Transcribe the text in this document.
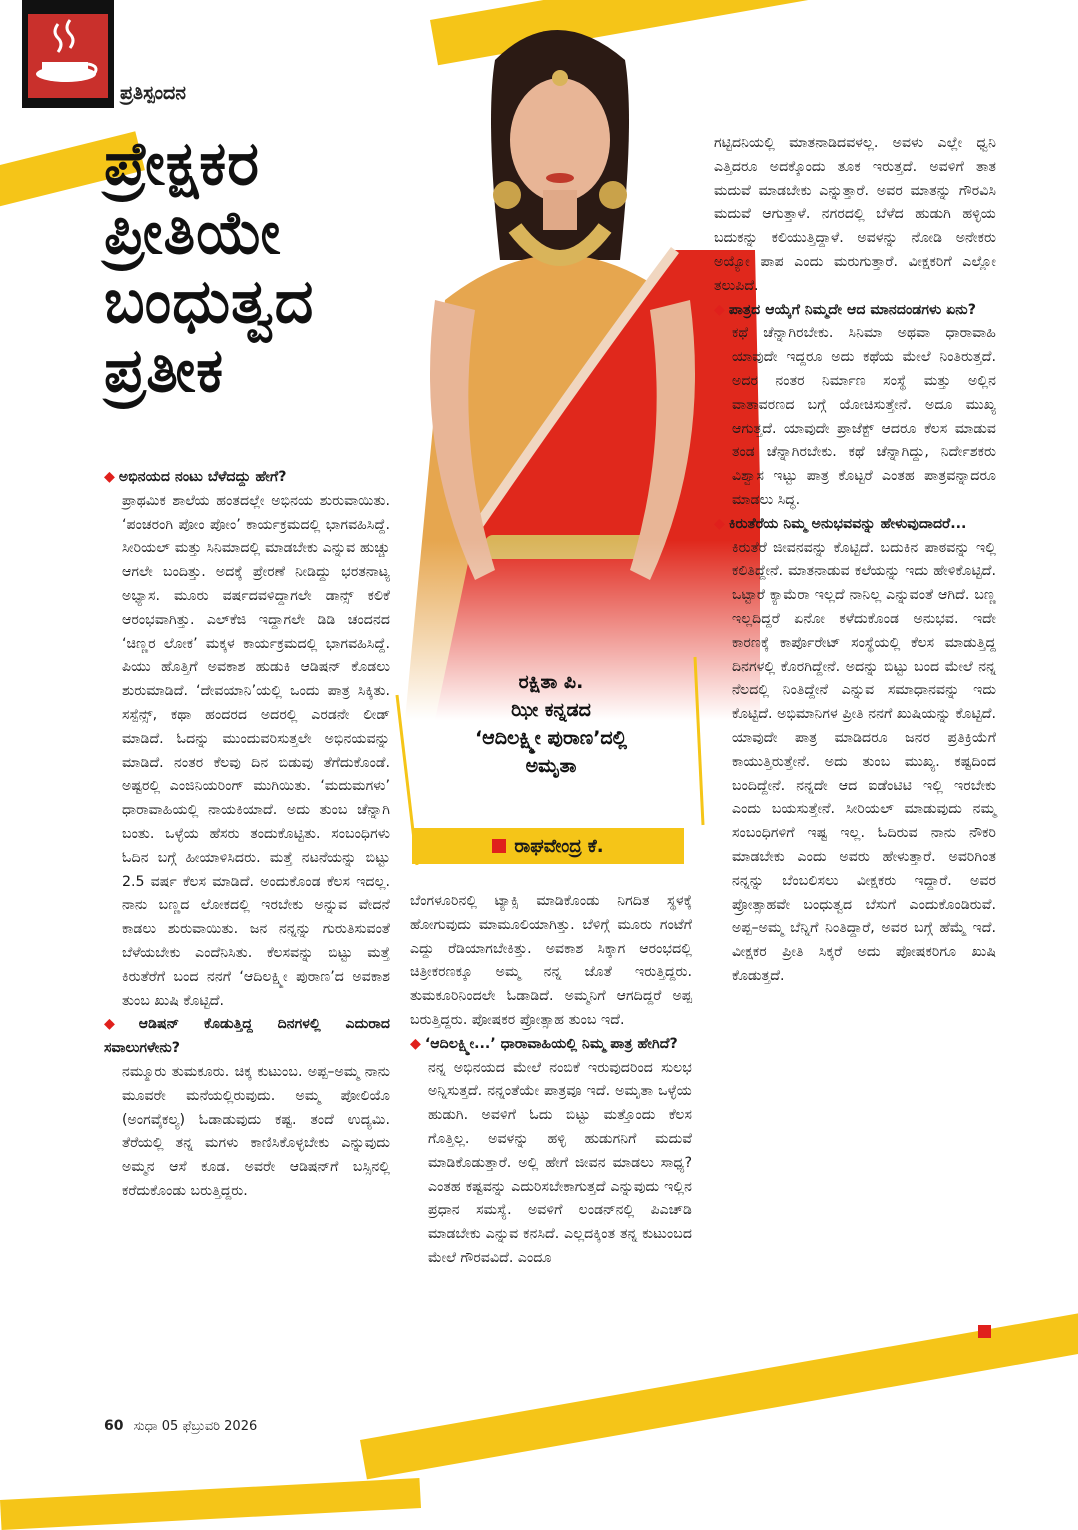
ಪ್ರತಿಸ್ಪಂದನ
ಪ್ರೇಕ್ಷಕರ
ಪ್ರೀತಿಯೇ
ಬಂಧುತ್ವದ
ಪ್ರತೀಕ
ರಕ್ಷಿತಾ ಪಿ.
ಝೀ ಕನ್ನಡದ
‘ಆದಿಲಕ್ಷ್ಮೀ ಪುರಾಣ’ದಲ್ಲಿ
ಅಮೃತಾ
ರಾಘವೇಂದ್ರ ಕೆ.

◆ ಅಭಿನಯದ ನಂಟು ಬೆಳೆದದ್ದು ಹೇಗೆ?

ಪ್ರಾಥಮಿಕ ಶಾಲೆಯ ಹಂತದಲ್ಲೇ ಅಭಿನಯ ಶುರುವಾಯಿತು. ‘ಪಂಚರಂಗಿ ಪೋಂ ಪೋಂ’ ಕಾರ್ಯಕ್ರಮದಲ್ಲಿ ಭಾಗವಹಿಸಿದ್ದೆ. ಸೀರಿಯಲ್ ಮತ್ತು ಸಿನಿಮಾದಲ್ಲಿ ಮಾಡಬೇಕು ಎನ್ನುವ ಹುಚ್ಚು ಆಗಲೇ ಬಂದಿತ್ತು. ಅದಕ್ಕೆ ಪ್ರೇರಣೆ ನೀಡಿದ್ದು ಭರತನಾಟ್ಯ ಅಭ್ಯಾಸ. ಮೂರು ವರ್ಷದವಳಿದ್ದಾಗಲೇ ಡಾನ್ಸ್ ಕಲಿಕೆ ಆರಂಭವಾಗಿತ್ತು. ಎಲ್‌ಕೆಜಿ ಇದ್ದಾಗಲೇ ಡಿಡಿ ಚಂದನದ ‘ಚಿಣ್ಣರ ಲೋಕ’ ಮಕ್ಕಳ ಕಾರ್ಯಕ್ರಮದಲ್ಲಿ ಭಾಗವಹಿಸಿದ್ದೆ. ಪಿಯು ಹೊತ್ತಿಗೆ ಅವಕಾಶ ಹುಡುಕಿ ಆಡಿಷನ್ ಕೊಡಲು ಶುರುಮಾಡಿದೆ. ‘ದೇವಯಾನಿ’ಯಲ್ಲಿ ಒಂದು ಪಾತ್ರ ಸಿಕ್ಕಿತು. ಸಸ್ಪೆನ್ಸ್, ಕಥಾ ಹಂದರದ ಅದರಲ್ಲಿ ಎರಡನೇ ಲೀಡ್ ಮಾಡಿದೆ. ಓದನ್ನು ಮುಂದುವರಿಸುತ್ತಲೇ ಅಭಿನಯವನ್ನು ಮಾಡಿದೆ. ನಂತರ ಕೆಲವು ದಿನ ಬಿಡುವು ತೆಗೆದುಕೊಂಡೆ. ಅಷ್ಟರಲ್ಲಿ ಎಂಜಿನಿಯರಿಂಗ್ ಮುಗಿಯಿತು. ‘ಮದುಮಗಳು’ ಧಾರಾವಾಹಿಯಲ್ಲಿ ನಾಯಕಿಯಾದೆ. ಅದು ತುಂಬ ಚೆನ್ನಾಗಿ ಬಂತು. ಒಳ್ಳೆಯ ಹೆಸರು ತಂದುಕೊಟ್ಟಿತು. ಸಂಬಂಧಿಗಳು ಓದಿನ ಬಗ್ಗೆ ಹೀಯಾಳಿಸಿದರು. ಮತ್ತೆ ನಟನೆಯನ್ನು ಬಿಟ್ಟು 2.5 ವರ್ಷ ಕೆಲಸ ಮಾಡಿದೆ. ಅಂದುಕೊಂಡ ಕೆಲಸ ಇದಲ್ಲ. ನಾನು ಬಣ್ಣದ ಲೋಕದಲ್ಲಿ ಇರಬೇಕು ಅನ್ನುವ ವೇದನೆ ಕಾಡಲು ಶುರುವಾಯಿತು. ಜನ ನನ್ನನ್ನು ಗುರುತಿಸುವಂತೆ ಬೆಳೆಯಬೇಕು ಎಂದೆನಿಸಿತು. ಕೆಲಸವನ್ನು ಬಿಟ್ಟು ಮತ್ತೆ ಕಿರುತೆರೆಗೆ ಬಂದ ನನಗೆ ‘ಆದಿಲಕ್ಷ್ಮೀ ಪುರಾಣ’ದ ಅವಕಾಶ ತುಂಬ ಖುಷಿ ಕೊಟ್ಟಿದೆ.

◆ ಆಡಿಷನ್ ಕೊಡುತ್ತಿದ್ದ ದಿನಗಳಲ್ಲಿ ಎದುರಾದ ಸವಾಲುಗಳೇನು?

ನಮ್ಮೂರು ತುಮಕೂರು. ಚಿಕ್ಕ ಕುಟುಂಬ. ಅಪ್ಪ–ಅಮ್ಮ ನಾನು ಮೂವರೇ ಮನೆಯಲ್ಲಿರುವುದು. ಅಮ್ಮ ಪೋಲಿಯೊ (ಅಂಗವೈಕಲ್ಯ) ಓಡಾಡುವುದು ಕಷ್ಟ. ತಂದೆ ಉದ್ಯಮಿ. ತೆರೆಯಲ್ಲಿ ತನ್ನ ಮಗಳು ಕಾಣಿಸಿಕೊಳ್ಳಬೇಕು ಎನ್ನುವುದು ಅಮ್ಮನ ಆಸೆ ಕೂಡ. ಅವರೇ ಆಡಿಷನ್‌ಗೆ ಬಸ್ಸಿನಲ್ಲಿ ಕರೆದುಕೊಂಡು ಬರುತ್ತಿದ್ದರು.

ಬೆಂಗಳೂರಿನಲ್ಲಿ ಟ್ಯಾಕ್ಸಿ ಮಾಡಿಕೊಂಡು ನಿಗದಿತ ಸ್ಥಳಕ್ಕೆ ಹೋಗುವುದು ಮಾಮೂಲಿಯಾಗಿತ್ತು. ಬೆಳಿಗ್ಗೆ ಮೂರು ಗಂಟೆಗೆ ಎದ್ದು ರೆಡಿಯಾಗಬೇಕಿತ್ತು. ಅವಕಾಶ ಸಿಕ್ಕಾಗ ಆರಂಭದಲ್ಲಿ ಚಿತ್ರೀಕರಣಕ್ಕೂ ಅಮ್ಮ ನನ್ನ ಜೊತೆ ಇರುತ್ತಿದ್ದರು. ತುಮಕೂರಿನಿಂದಲೇ ಓಡಾಡಿದೆ. ಅಮ್ಮನಿಗೆ ಆಗದಿದ್ದರೆ ಅಪ್ಪ ಬರುತ್ತಿದ್ದರು. ಪೋಷಕರ ಪ್ರೋತ್ಸಾಹ ತುಂಬ ಇದೆ.

◆ ‘ಆದಿಲಕ್ಷ್ಮೀ...’ ಧಾರಾವಾಹಿಯಲ್ಲಿ ನಿಮ್ಮ ಪಾತ್ರ ಹೇಗಿದೆ?

ನನ್ನ ಅಭಿನಯದ ಮೇಲೆ ನಂಬಿಕೆ ಇರುವುದರಿಂದ ಸುಲಭ ಅನ್ನಿಸುತ್ತದೆ. ನನ್ನಂತೆಯೇ ಪಾತ್ರವೂ ಇದೆ. ಅಮೃತಾ ಒಳ್ಳೆಯ ಹುಡುಗಿ. ಅವಳಿಗೆ ಓದು ಬಿಟ್ಟು ಮತ್ತೊಂದು ಕೆಲಸ ಗೊತ್ತಿಲ್ಲ. ಅವಳನ್ನು ಹಳ್ಳಿ ಹುಡುಗನಿಗೆ ಮದುವೆ ಮಾಡಿಕೊಡುತ್ತಾರೆ. ಅಲ್ಲಿ ಹೇಗೆ ಜೀವನ ಮಾಡಲು ಸಾಧ್ಯ? ಎಂತಹ ಕಷ್ಟವನ್ನು ಎದುರಿಸಬೇಕಾಗುತ್ತದೆ ಎನ್ನುವುದು ಇಲ್ಲಿನ ಪ್ರಧಾನ ಸಮಸ್ಯೆ. ಅವಳಿಗೆ ಲಂಡನ್‌ನಲ್ಲಿ ಪಿಎಚ್‌ಡಿ ಮಾಡಬೇಕು ಎನ್ನುವ ಕನಸಿದೆ. ಎಲ್ಲದಕ್ಕಿಂತ ತನ್ನ ಕುಟುಂಬದ ಮೇಲೆ ಗೌರವವಿದೆ. ಎಂದೂ

ಗಟ್ಟಿದನಿಯಲ್ಲಿ ಮಾತನಾಡಿದವಳಲ್ಲ. ಅವಳು ಎಲ್ಲೇ ಧ್ವನಿ ಎತ್ತಿದರೂ ಅದಕ್ಕೊಂದು ತೂಕ ಇರುತ್ತದೆ. ಅವಳಿಗೆ ತಾತ ಮದುವೆ ಮಾಡಬೇಕು ಎನ್ನುತ್ತಾರೆ. ಅವರ ಮಾತನ್ನು ಗೌರವಿಸಿ ಮದುವೆ ಆಗುತ್ತಾಳೆ. ನಗರದಲ್ಲಿ ಬೆಳೆದ ಹುಡುಗಿ ಹಳ್ಳಿಯ ಬದುಕನ್ನು ಕಲಿಯುತ್ತಿದ್ದಾಳೆ. ಅವಳನ್ನು ನೋಡಿ ಅನೇಕರು ಅಯ್ಯೋ ಪಾಪ ಎಂದು ಮರುಗುತ್ತಾರೆ. ವೀಕ್ಷಕರಿಗೆ ಎಲ್ಲೋ ತಲುಪಿದೆ.

◆ ಪಾತ್ರದ ಆಯ್ಕೆಗೆ ನಿಮ್ಮದೇ ಆದ ಮಾನದಂಡಗಳು ಏನು?

ಕಥೆ ಚೆನ್ನಾಗಿರಬೇಕು. ಸಿನಿಮಾ ಅಥವಾ ಧಾರಾವಾಹಿ ಯಾವುದೇ ಇದ್ದರೂ ಅದು ಕಥೆಯ ಮೇಲೆ ನಿಂತಿರುತ್ತದೆ. ಅದರ ನಂತರ ನಿರ್ಮಾಣ ಸಂಸ್ಥೆ ಮತ್ತು ಅಲ್ಲಿನ ವಾತಾವರಣದ ಬಗ್ಗೆ ಯೋಚಿಸುತ್ತೇನೆ. ಅದೂ ಮುಖ್ಯ ಆಗುತ್ತದೆ. ಯಾವುದೇ ಪ್ರಾಜೆಕ್ಟ್ ಆದರೂ ಕೆಲಸ ಮಾಡುವ ತಂಡ ಚೆನ್ನಾಗಿರಬೇಕು. ಕಥೆ ಚೆನ್ನಾಗಿದ್ದು, ನಿರ್ದೇಶಕರು ವಿಶ್ವಾಸ ಇಟ್ಟು ಪಾತ್ರ ಕೊಟ್ಟರೆ ಎಂತಹ ಪಾತ್ರವನ್ನಾದರೂ ಮಾಡಲು ಸಿದ್ಧ.

◆ ಕಿರುತೆರೆಯ ನಿಮ್ಮ ಅನುಭವವನ್ನು ಹೇಳುವುದಾದರೆ...

ಕಿರುತೆರೆ ಜೀವನವನ್ನು ಕೊಟ್ಟಿದೆ. ಬದುಕಿನ ಪಾಠವನ್ನು ಇಲ್ಲಿ ಕಲಿತಿದ್ದೇನೆ. ಮಾತನಾಡುವ ಕಲೆಯನ್ನು ಇದು ಹೇಳಿಕೊಟ್ಟಿದೆ. ಒಟ್ಟಾರೆ ಕ್ಯಾಮೆರಾ ಇಲ್ಲದೆ ನಾನಿಲ್ಲ ಎನ್ನುವಂತೆ ಆಗಿದೆ. ಬಣ್ಣ ಇಲ್ಲದಿದ್ದರೆ ಏನೋ ಕಳೆದುಕೊಂಡ ಅನುಭವ. ಇದೇ ಕಾರಣಕ್ಕೆ ಕಾರ್ಪೊರೇಟ್ ಸಂಸ್ಥೆಯಲ್ಲಿ ಕೆಲಸ ಮಾಡುತ್ತಿದ್ದ ದಿನಗಳಲ್ಲಿ ಕೊರಗಿದ್ದೇನೆ. ಅದನ್ನು ಬಿಟ್ಟು ಬಂದ ಮೇಲೆ ನನ್ನ ನೆಲದಲ್ಲಿ ನಿಂತಿದ್ದೇನೆ ಎನ್ನುವ ಸಮಾಧಾನವನ್ನು ಇದು ಕೊಟ್ಟಿದೆ. ಅಭಿಮಾನಿಗಳ ಪ್ರೀತಿ ನನಗೆ ಖುಷಿಯನ್ನು ಕೊಟ್ಟಿದೆ. ಯಾವುದೇ ಪಾತ್ರ ಮಾಡಿದರೂ ಜನರ ಪ್ರತಿಕ್ರಿಯೆಗೆ ಕಾಯುತ್ತಿರುತ್ತೇನೆ. ಅದು ತುಂಬ ಮುಖ್ಯ. ಕಷ್ಟದಿಂದ ಬಂದಿದ್ದೇನೆ. ನನ್ನದೇ ಆದ ಐಡೆಂಟಿಟಿ ಇಲ್ಲಿ ಇರಬೇಕು ಎಂದು ಬಯಸುತ್ತೇನೆ. ಸೀರಿಯಲ್ ಮಾಡುವುದು ನಮ್ಮ ಸಂಬಂಧಿಗಳಿಗೆ ಇಷ್ಟ ಇಲ್ಲ. ಓದಿರುವ ನಾನು ನೌಕರಿ ಮಾಡಬೇಕು ಎಂದು ಅವರು ಹೇಳುತ್ತಾರೆ. ಅವರಿಗಿಂತ ನನ್ನನ್ನು ಬೆಂಬಲಿಸಲು ವೀಕ್ಷಕರು ಇದ್ದಾರೆ. ಅವರ ಪ್ರೋತ್ಸಾಹವೇ ಬಂಧುತ್ವದ ಬೆಸುಗೆ ಎಂದುಕೊಂಡಿರುವೆ. ಅಪ್ಪ–ಅಮ್ಮ ಬೆನ್ನಿಗೆ ನಿಂತಿದ್ದಾರೆ, ಅವರ ಬಗ್ಗೆ ಹೆಮ್ಮೆ ಇದೆ. ವೀಕ್ಷಕರ ಪ್ರೀತಿ ಸಿಕ್ಕರೆ ಅದು ಪೋಷಕರಿಗೂ ಖುಷಿ ಕೊಡುತ್ತದೆ.

60 ಸುಧಾ 05 ಫೆಬ್ರುವರಿ 2026
